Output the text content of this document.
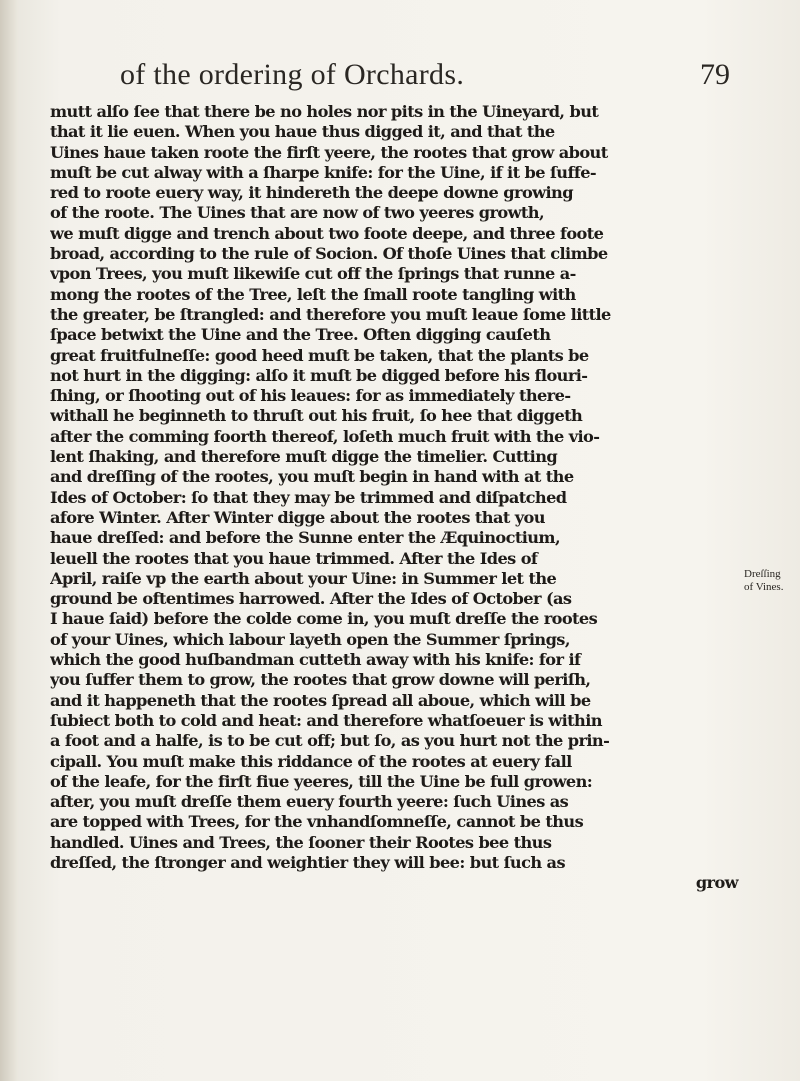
of the ordering of Orchards.	79
mutt alſo ſee that there be no holes nor pits in the Uineyard, but
that it lie euen. When you haue thus digged it, and that the
Uines haue taken roote the firſt yeere, the rootes that grow about
muſt be cut alway with a ſharpe knife: for the Uine, if it be ſuffe-
red to roote euery way, it hindereth the deepe downe growing
of the roote. The Uines that are now of two yeeres growth,
we muſt digge and trench about two foote deepe, and three foote
broad, according to the rule of Socion. Of thoſe Uines that climbe
vpon Trees, you muſt likewiſe cut off the ſprings that runne a-
mong the rootes of the Tree, leſt the ſmall roote tangling with
the greater, be ſtrangled: and therefore you muſt leaue ſome little
ſpace betwixt the Uine and the Tree. Often digging cauſeth
great fruitfulneſſe: good heed muſt be taken, that the plants be
not hurt in the digging: alſo it muſt be digged before his flouri-
ſhing, or ſhooting out of his leaues: for as immediately there-
withall he beginneth to thruſt out his fruit, ſo hee that diggeth
after the comming foorth thereof, loſeth much fruit with the vio-
lent ſhaking, and therefore muſt digge the timelier. Cutting
and dreſſing of the rootes, you muſt begin in hand with at the
Ides of October: ſo that they may be trimmed and diſpatched
afore Winter. After Winter digge about the rootes that you
haue dreſſed: and before the Sunne enter the Æquinoctium,
leuell the rootes that you haue trimmed. After the Ides of
April, raiſe vp the earth about your Uine: in Summer let the
ground be oftentimes harrowed. After the Ides of October (as
I haue ſaid) before the colde come in, you muſt dreſſe the rootes
of your Uines, which labour layeth open the Summer ſprings,
which the good huſbandman cutteth away with his knife: for if
you ſuffer them to grow, the rootes that grow downe will periſh,
and it happeneth that the rootes ſpread all aboue, which will be
ſubiect both to cold and heat: and therefore whatſoeuer is within
a foot and a halfe, is to be cut off; but ſo, as you hurt not the prin-
cipall. You muſt make this riddance of the rootes at euery fall
of the leafe, for the firſt fiue yeeres, till the Uine be full growen:
after, you muſt dreſſe them euery fourth yeere: ſuch Uines as
are topped with Trees, for the vnhandſomneſſe, cannot be thus
handled. Uines and Trees, the ſooner their Rootes bee thus
dreſſed, the ſtronger and weightier they will bee: but ſuch as
grow
Dreſſing
of Vines.
